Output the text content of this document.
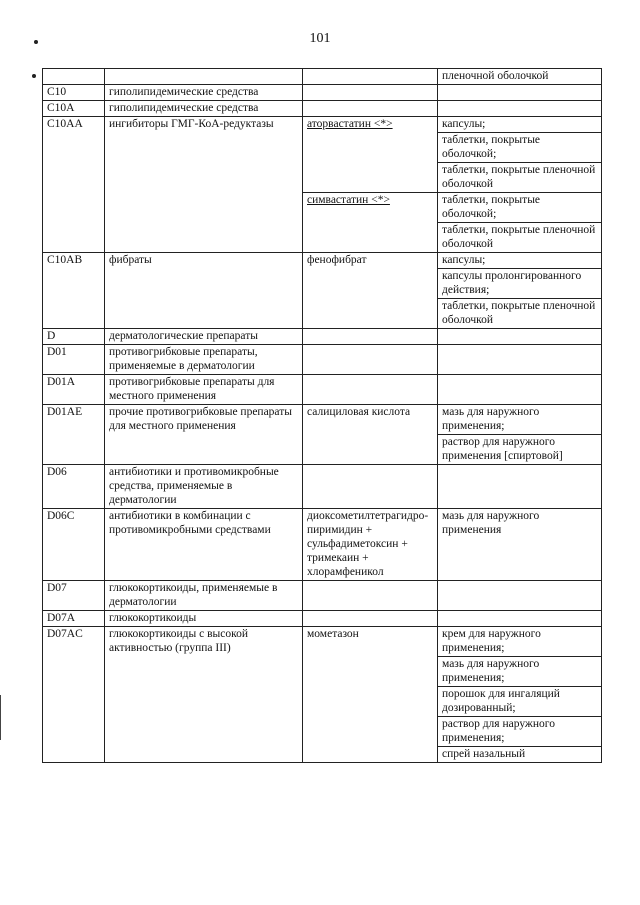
101
			пленочной оболочкой
C10	гиполипидемические средства		
C10A	гиполипидемические средства		
C10AA	ингибиторы ГМГ-КоА-редуктазы	аторвастатин <*>	капсулы;
			таблетки, покрытые оболочкой;
			таблетки, покрытые пленочной оболочкой
		симвастатин <*>	таблетки, покрытые оболочкой;
			таблетки, покрытые пленочной оболочкой
C10AB	фибраты	фенофибрат	капсулы;
			капсулы пролонгированного действия;
			таблетки, покрытые пленочной оболочкой
D	дерматологические препараты		
D01	противогрибковые препараты, применяемые в дерматологии		
D01A	противогрибковые препараты для местного применения		
D01AE	прочие противогрибковые препараты для местного применения	салициловая кислота	мазь для наружного применения;
			раствор для наружного применения [спиртовой]
D06	антибиотики и противомикробные средства, применяемые в дерматологии		
D06C	антибиотики в комбинации с противомикробными средствами	диоксометилтетрагидро-пиримидин + сульфадиметоксин + тримекаин + хлорамфеникол	мазь для наружного применения
D07	глюкокортикоиды, применяемые в дерматологии		
D07A	глюкокортикоиды		
D07AC	глюкокортикоиды с высокой активностью (группа III)	мометазон	крем для наружного применения;
			мазь для наружного применения;
			порошок для ингаляций дозированный;
			раствор для наружного применения;
			спрей назальный
